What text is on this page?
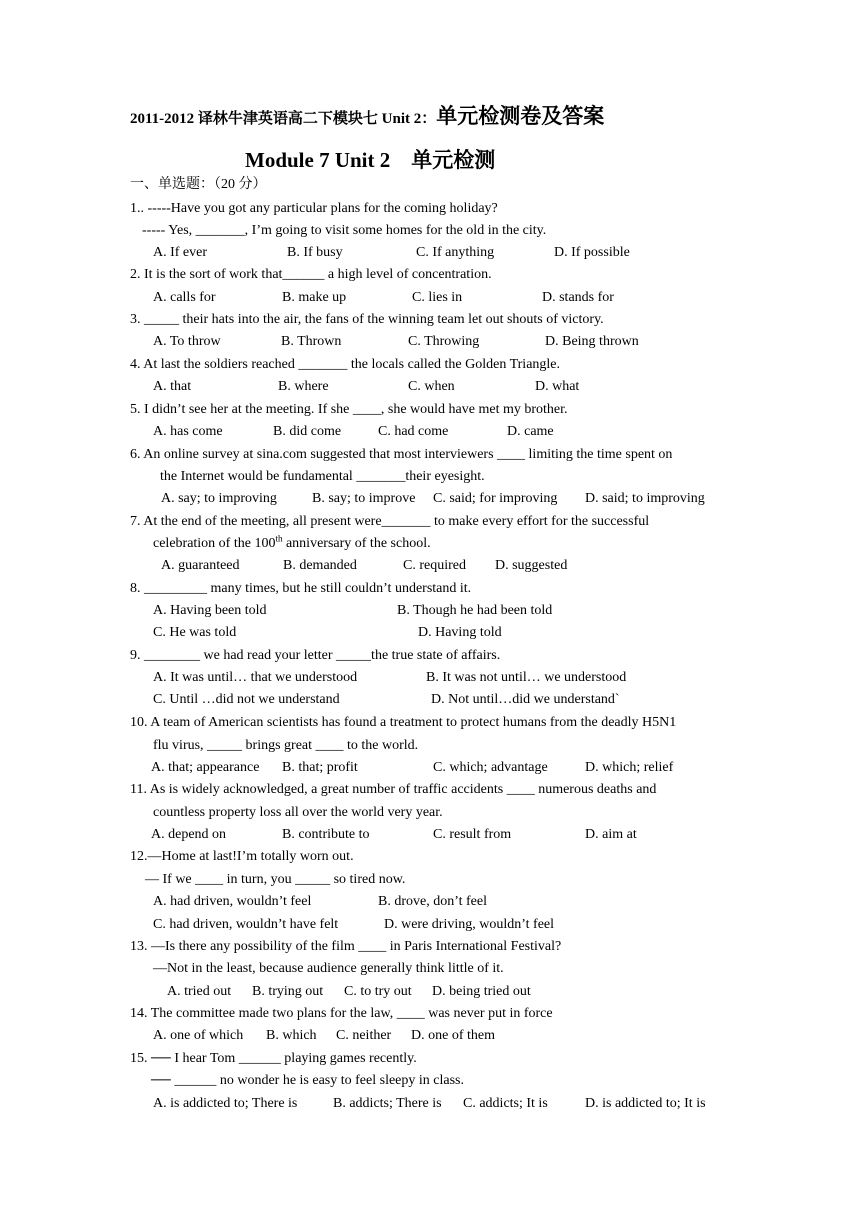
2011-2012 译林牛津英语高二下模块七 Unit 2：单元检测卷及答案
Module 7 Unit 2　单元检测
一、单选题：（20 分）
1.. -----Have you got any particular plans for the coming holiday?
----- Yes, _______, I’m going to visit some homes for the old in the city.
A. If ever	B. If busy	C. If anything	D. If possible
2. It is the sort of work that______ a high level of concentration.
A. calls for	B. make up	C. lies in	D. stands for
3. _____ their hats into the air, the fans of the winning team let out shouts of victory.
A. To throw	B. Thrown	C. Throwing	D. Being thrown
4. At last the soldiers reached _______ the locals called the Golden Triangle.
A. that	B. where	C. when	D. what
5. I didn’t see her at the meeting. If she ____, she would have met my brother.
A. has come	B. did come	C. had come	D. came
6. An online survey at sina.com suggested that most interviewers ____ limiting the time spent on
the Internet would be fundamental _______their eyesight.
A. say; to improving	B. say; to improve C. said; for improving D. said; to improving
7. At the end of the meeting, all present were_______ to make every effort for the successful
A. guaranteed	B. demanded	C. required D. suggested
8. _________ many times, but he still couldn’t understand it.
A. Having been told	B. Though he had been told
C. He was told	D. Having told
9. ________ we had read your letter _____the true state of affairs.
A. It was until… that we understood	B. It was not until… we understood
C. Until …did not we understand	D. Not until…did we understand`
10. A team of American scientists has found a treatment to protect humans from the deadly H5N1
flu virus, _____ brings great ____ to the world.
A. that; appearance B. that; profit	C. which; advantage	D. which; relief
11. As is widely acknowledged, a great number of traffic accidents ____ numerous deaths and
countless property loss all over the world very year.
A. depend on	B. contribute to	C. result from	D. aim at
12.—Home at last!I’m totally worn out.
— If we ____ in turn, you _____ so tired now.
A. had driven, wouldn’t feel	B. drove, don’t feel
C. had driven, wouldn’t have felt	D. were driving, wouldn’t feel
13. —Is there any possibility of the film ____ in Paris International Festival?
—Not in the least, because audience generally think little of it.
A. tried out B. trying out C. to try out D. being tried out
14. The committee made two plans for the law, ____ was never put in force
A. one of which B. which C. neither D. one of them
15. ── I hear Tom ______ playing games recently.
── ______ no wonder he is easy to feel sleepy in class.
A. is addicted to; There is	B. addicts; There is C. addicts; It is	D. is addicted to; It is
celebration of the 100th anniversary of the school.
